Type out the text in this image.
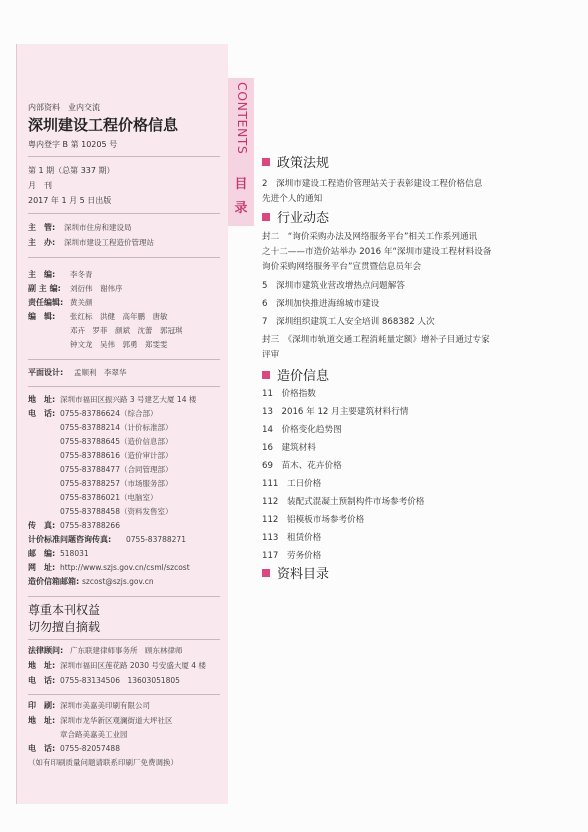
内部资料　业内交流
深圳建设工程价格信息
粤内登字 B 第 10205 号
第 1 期（总第 337 期）
月　刊
2017 年 1 月 5 日出版
主　管: 深圳市住房和建设局
主　办: 深圳市建设工程造价管理站
主　编: 李冬青
副 主 编: 刘衍伟　谢伟序
责任编辑: 黄关颜
编　辑: 张红标　洪健　高年鹏　唐敏
邓卉　罗菲　颜斌　沈蕾　郭冠琪
钟文龙　吴伟　郭勇　郑雯雯
平面设计: 孟顺利　李翠华
地　址: 深圳市福田区振兴路 3 号建艺大厦 14 楼
电　话: 0755-83786624（综合部）
0755-83788214（计价标准部）
0755-83788645（造价信息部）
0755-83788616（造价审计部）
0755-83788477（合同管理部）
0755-83788257（市场服务部）
0755-83786021（电脑室）
0755-83788458（资料发售室）
传　真: 0755-83788266
计价标准问题咨询传真: 0755-83788271
邮　编: 518031
网　址: http://www.szjs.gov.cn/csml/szcost
造价信箱邮箱: szcost@szjs.gov.cn
尊重本刊权益
切勿擅自摘载
法律顾问: 广东联建律师事务所　顾东林律师
地　址: 深圳市福田区莲花路 2030 号安盛大厦 4 楼
电　话: 0755-83134506　13603051805
印　刷: 深圳市美嘉美印刷有限公司
地　址: 深圳市龙华新区观澜街道大坪社区
章合路美嘉美工业园
电　话: 0755-82057488
（如有印刷质量问题请联系印刷厂免费调换）
CONTENTS
目
录
政策法规
2　深圳市建设工程造价管理站关于表彰建设工程价格信息
先进个人的通知
行业动态
封二　“询价采购办法及网络服务平台”相关工作系列通讯
之十二——市造价站举办 2016 年“深圳市建设工程材料设备
询价采购网络服务平台”宣贯暨信息员年会
5　深圳市建筑业营改增热点问题解答
6　深圳加快推进海绵城市建设
7　深圳组织建筑工人安全培训 868382 人次
封三　《深圳市轨道交通工程消耗量定额》增补子目通过专家
评审
造价信息
11　价格指数
13　2016 年 12 月主要建筑材料行情
14　价格变化趋势图
16　建筑材料
69　苗木、花卉价格
111　工日价格
112　装配式混凝土预制构件市场参考价格
112　铝模板市场参考价格
113　租赁价格
117　劳务价格
资料目录
